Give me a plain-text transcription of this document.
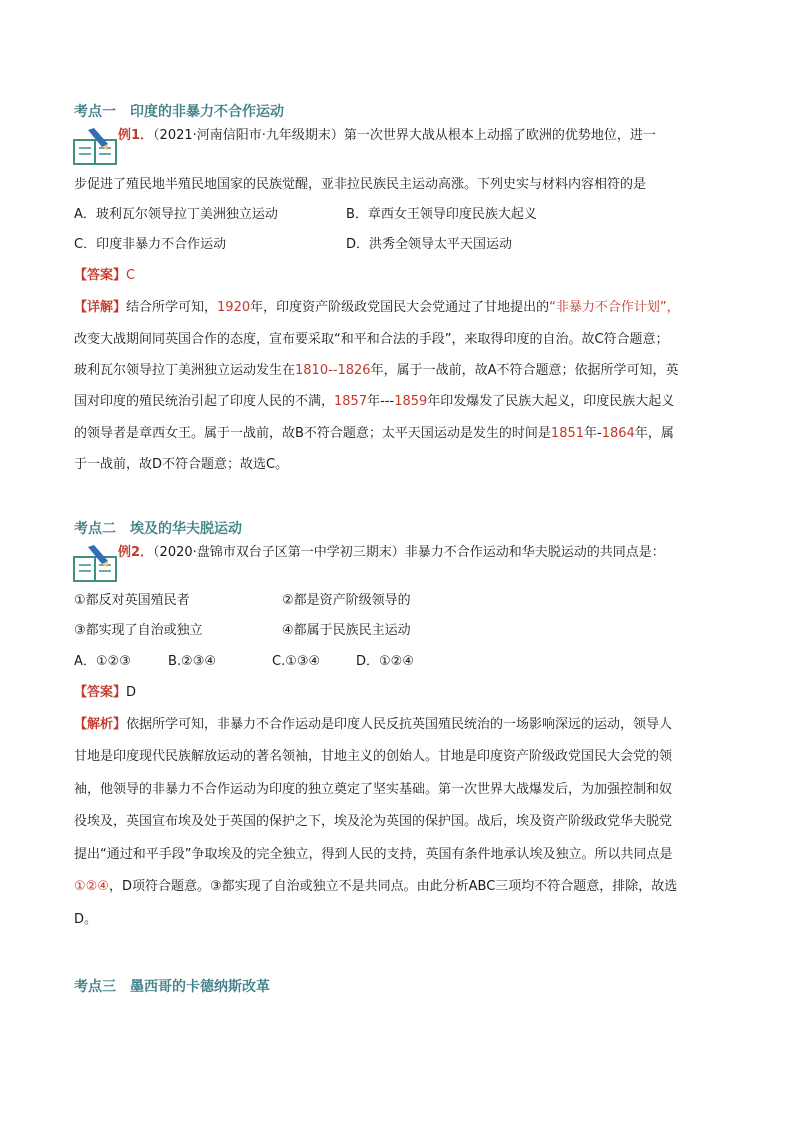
考点一 印度的非暴力不合作运动
例1．（2021·河南信阳市·九年级期末）第一次世界大战从根本上动摇了欧洲的优势地位，进一
步促进了殖民地半殖民地国家的民族觉醒，亚非拉民族民主运动高涨。下列史实与材料内容相符的是
A．玻利瓦尔领导拉丁美洲独立运动	B．章西女王领导印度民族大起义
C．印度非暴力不合作运动	D．洪秀全领导太平天国运动
【答案】C
【详解】结合所学可知，1920年，印度资产阶级政党国民大会党通过了甘地提出的“非暴力不合作计划”，
改变大战期间同英国合作的态度，宣布要采取“和平和合法的手段”，来取得印度的自治。故C符合题意；
玻利瓦尔领导拉丁美洲独立运动发生在1810--1826年，属于一战前，故A不符合题意；依据所学可知，英
国对印度的殖民统治引起了印度人民的不满，1857年---1859年印发爆发了民族大起义，印度民族大起义
的领导者是章西女王。属于一战前，故B不符合题意；太平天国运动是发生的时间是1851年-1864年，属
于一战前，故D不符合题意；故选C。
考点二 埃及的华夫脱运动
例2．（2020·盘锦市双台子区第一中学初三期末）非暴力不合作运动和华夫脱运动的共同点是：
①都反对英国殖民者	②都是资产阶级领导的
③都实现了自治或独立	④都属于民族民主运动
A．①②③	B.②③④	C.①③④	D．①②④
【答案】D
【解析】依据所学可知，非暴力不合作运动是印度人民反抗英国殖民统治的一场影响深远的运动，领导人
甘地是印度现代民族解放运动的著名领袖，甘地主义的创始人。甘地是印度资产阶级政党国民大会党的领
袖，他领导的非暴力不合作运动为印度的独立奠定了坚实基础。第一次世界大战爆发后，为加强控制和奴
役埃及，英国宣布埃及处于英国的保护之下，埃及沦为英国的保护国。战后，埃及资产阶级政党华夫脱党
提出“通过和平手段”争取埃及的完全独立，得到人民的支持，英国有条件地承认埃及独立。所以共同点是
①②④，D项符合题意。③都实现了自治或独立不是共同点。由此分析ABC三项均不符合题意，排除，故选
D。
考点三 墨西哥的卡德纳斯改革
